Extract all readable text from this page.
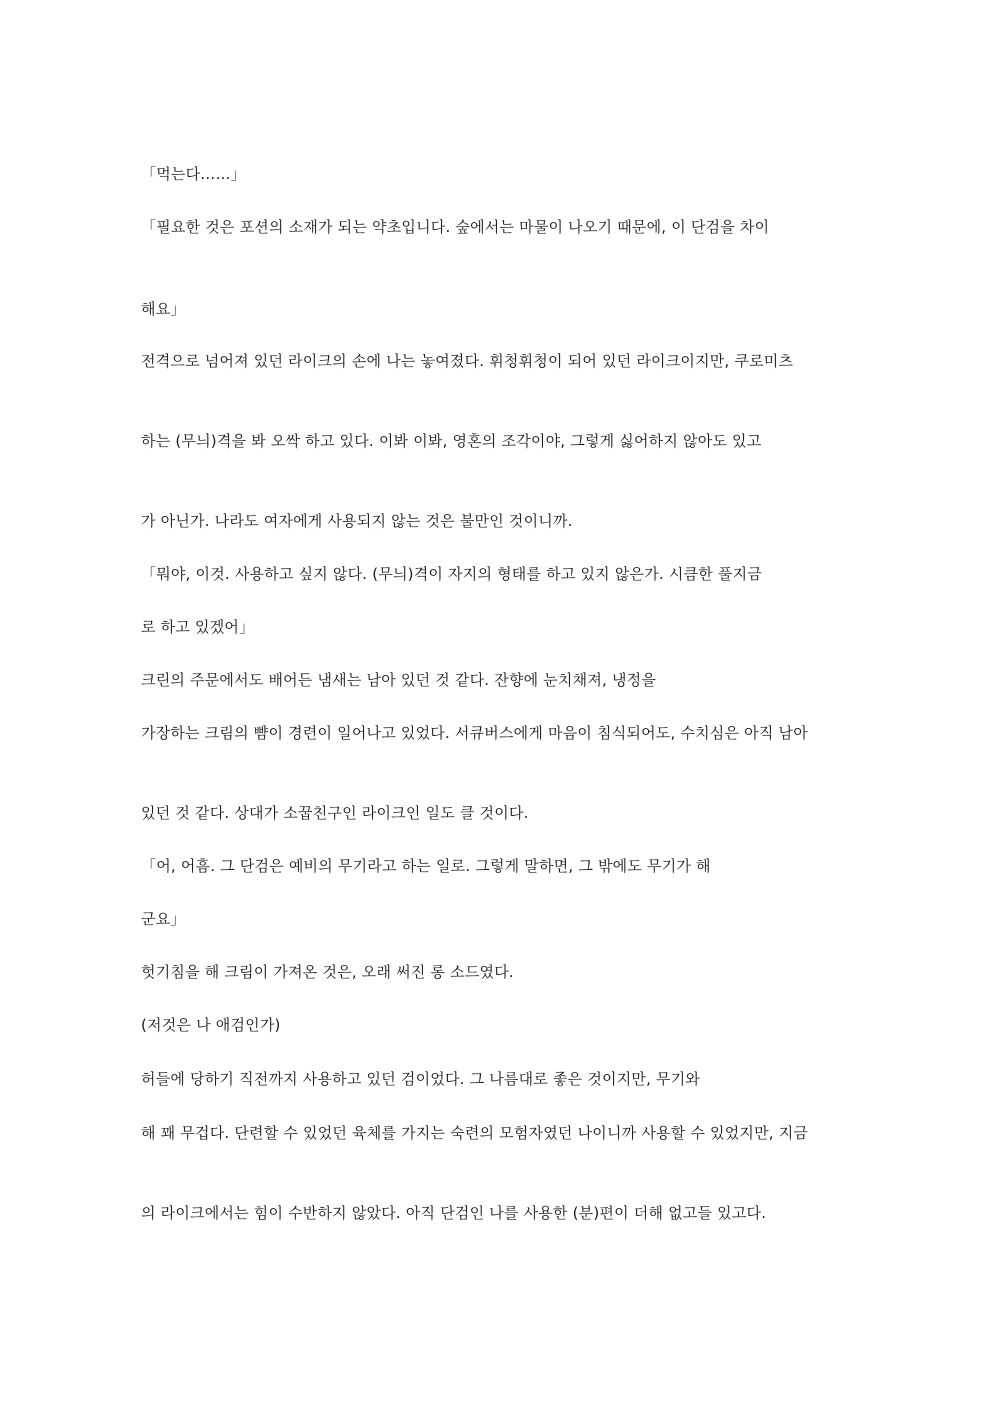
「먹는다……」

「필요한 것은 포션의 소재가 되는 약초입니다. 숲에서는 마물이 나오기 때문에, 이 단검을 차이

해요」

전격으로 넘어져 있던 라이크의 손에 나는 놓여졌다. 휘청휘청이 되어 있던 라이크이지만, 쿠로미츠

하는 (무늬)격을 봐 오싹 하고 있다. 이봐 이봐, 영혼의 조각이야, 그렇게 싫어하지 않아도 있고

가 아닌가. 나라도 여자에게 사용되지 않는 것은 불만인 것이니까.

「뭐야, 이것. 사용하고 싶지 않다. (무늬)격이 자지의 형태를 하고 있지 않은가. 시큼한 풀지금

로 하고 있겠어」

크린의 주문에서도 배어든 냄새는 남아 있던 것 같다. 잔향에 눈치채져, 냉정을

가장하는 크림의 뺨이 경련이 일어나고 있었다. 서큐버스에게 마음이 침식되어도, 수치심은 아직 남아

있던 것 같다. 상대가 소꿉친구인 라이크인 일도 클 것이다.

「어, 어흠. 그 단검은 예비의 무기라고 하는 일로. 그렇게 말하면, 그 밖에도 무기가 해

군요」

헛기침을 해 크림이 가져온 것은, 오래 써진 롱 소드였다.

(저것은 나 애검인가)

허들에 당하기 직전까지 사용하고 있던 검이었다. 그 나름대로 좋은 것이지만, 무기와

해 꽤 무겁다. 단련할 수 있었던 육체를 가지는 숙련의 모험자였던 나이니까 사용할 수 있었지만, 지금

의 라이크에서는 힘이 수반하지 않았다. 아직 단검인 나를 사용한 (분)편이 더해 없고들 있고다.
